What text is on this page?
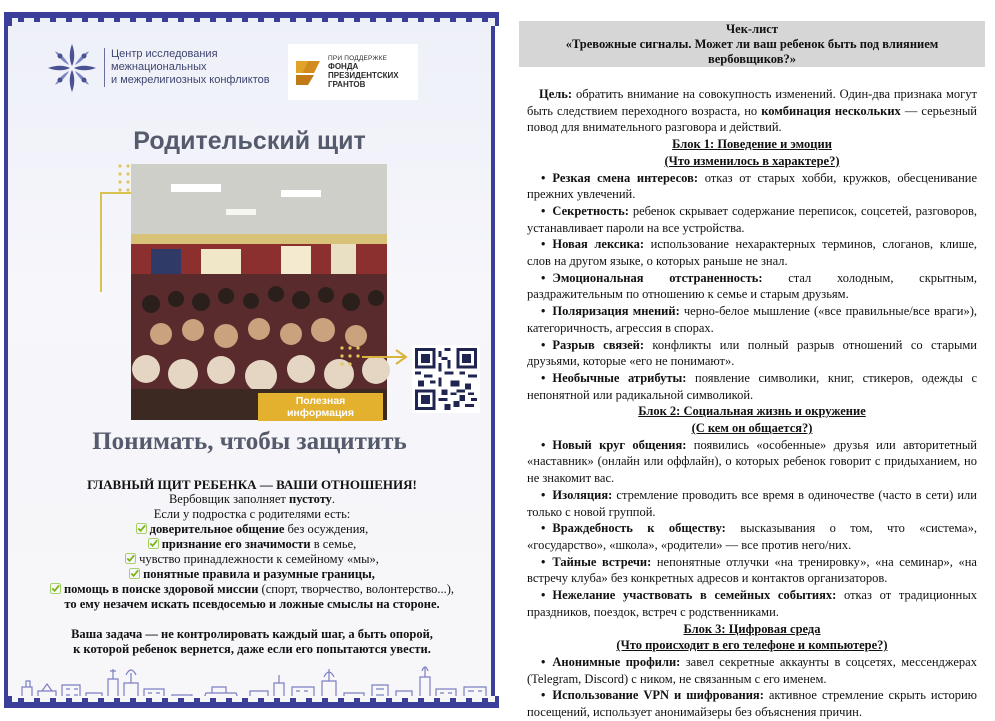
Центр исследования
межнациональных
и межрелигиозных конфликтов
ПРИ ПОДДЕРЖКЕ
ФОНДА
ПРЕЗИДЕНТСКИХ
ГРАНТОВ
Родительский щит
Полезная
информация
Понимать, чтобы защитить
ГЛАВНЫЙ ЩИТ РЕБЕНКА — ВАШИ ОТНОШЕНИЯ!
Вербовщик заполняет пустоту.
Если у подростка с родителями есть:
доверительное общение без осуждения,
признание его значимости в семье,
чувство принадлежности к семейному «мы»,
понятные правила и разумные границы,
помощь в поиске здоровой миссии (спорт, творчество, волонтерство...),
то ему незачем искать псевдосемью и ложные смыслы на стороне.
Ваша задача — не контролировать каждый шаг, а быть опорой,
к которой ребенок вернется, даже если его попытаются увести.
Чек-лист
«Тревожные сигналы. Может ли ваш ребенок быть под влиянием
вербовщиков?»

Цель: обратить внимание на совокупность изменений. Один-два признака могут быть следствием переходного возраста, но комбинация нескольких — серьезный повод для внимательного разговора и действий.

Блок 1: Поведение и эмоции
(Что изменилось в характере?)

• Резкая смена интересов: отказ от старых хобби, кружков, обесценивание прежних увлечений.

• Секретность: ребенок скрывает содержание переписок, соцсетей, разговоров, устанавливает пароли на все устройства.

• Новая лексика: использование нехарактерных терминов, слоганов, клише, слов на другом языке, о которых раньше не знал.

• Эмоциональная отстраненность: стал холодным, скрытным, раздражительным по отношению к семье и старым друзьям.

• Поляризация мнений: черно-белое мышление («все правильные/все враги»), категоричность, агрессия в спорах.

• Разрыв связей: конфликты или полный разрыв отношений со старыми друзьями, которые «его не понимают».

• Необычные атрибуты: появление символики, книг, стикеров, одежды с непонятной или радикальной символикой.

Блок 2: Социальная жизнь и окружение
(С кем он общается?)

• Новый круг общения: появились «особенные» друзья или авторитетный «наставник» (онлайн или оффлайн), о которых ребенок говорит с придыханием, но не знакомит вас.

• Изоляция: стремление проводить все время в одиночестве (часто в сети) или только с новой группой.

• Враждебность к обществу: высказывания о том, что «система», «государство», «школа», «родители» — все против него/них.

• Тайные встречи: непонятные отлучки «на тренировку», «на семинар», «на встречу клуба» без конкретных адресов и контактов организаторов.

• Нежелание участвовать в семейных событиях: отказ от традиционных праздников, поездок, встреч с родственниками.

Блок 3: Цифровая среда
(Что происходит в его телефоне и компьютере?)

• Анонимные профили: завел секретные аккаунты в соцсетях, мессенджерах (Telegram, Discord) с ником, не связанным с его именем.

• Использование VPN и шифрования: активное стремление скрыть историю посещений, использует анонимайзеры без объяснения причин.
